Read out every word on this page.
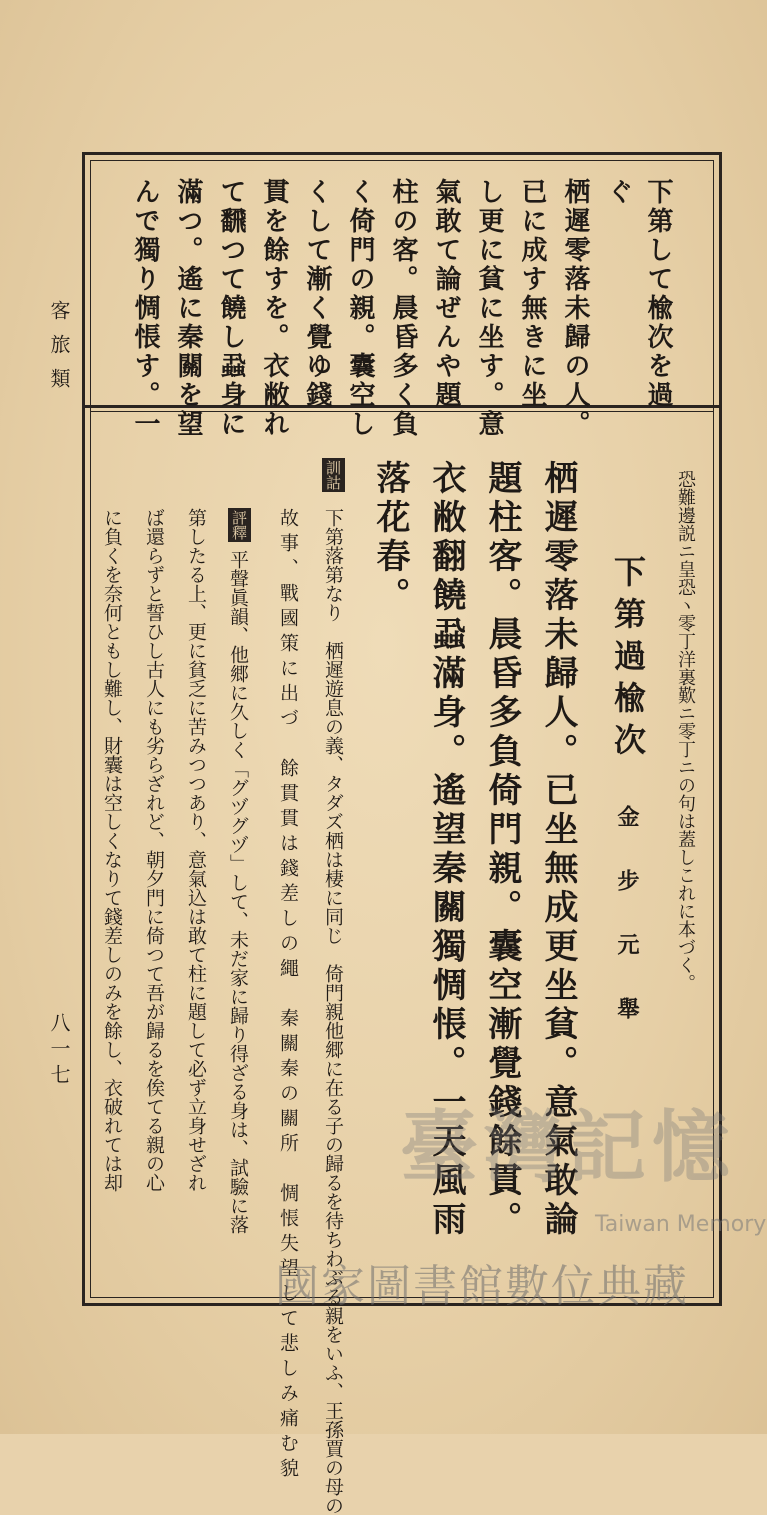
客旅類
八一七
下第して楡次を過
ぐ
栖遲零落未歸の人。
已に成す無きに坐
し更に貧に坐す。意
氣敢て論ぜんや題
柱の客。晨昏多く負
く倚門の親。囊空し
くして漸く覺ゆ錢
貫を餘すを。衣敝れ
て飜つて饒し蝨身に
滿つ。遙に秦關を望
んで獨り惆悵す。一
恐難邊説ニ皇恐ヽ零丁洋裏歎ニ零丁ニの句は蓋しこれに本づく。
下第過楡次
金　步　元　舉
栖遲零落未歸人。已坐無成更坐貧。意氣敢論
題柱客。晨昏多負倚門親。囊空漸覺錢餘貫。
衣敝翻饒蝨滿身。遙望秦關獨惆悵。一天風雨
落花春。
訓詁
下第落第なり　栖遲遊息の義、タダズ栖は棲に同じ　倚門親他郷に在る子の歸るを待ちわぶる親をいふ、王孫賈の母の
故事、戰國策に出づ　餘貫貫は錢差しの繩　秦關秦の關所　惆悵失望して悲しみ痛む貌
評釋
平聲眞韻、他郷に久しく「グヅグヅ」して、未だ家に歸り得ざる身は、試驗に落
第したる上、更に貧乏に苦みつつあり、意氣込は敢て柱に題して必ず立身せざれ
ば還らずと誓ひし古人にも劣らざれど、朝夕門に倚つて吾が歸るを俟てる親の心
に負くを奈何ともし難し、財囊は空しくなりて錢差しのみを餘し、衣破れては却	臺灣記憶
Taiwan Memory
國家圖書館數位典藏
